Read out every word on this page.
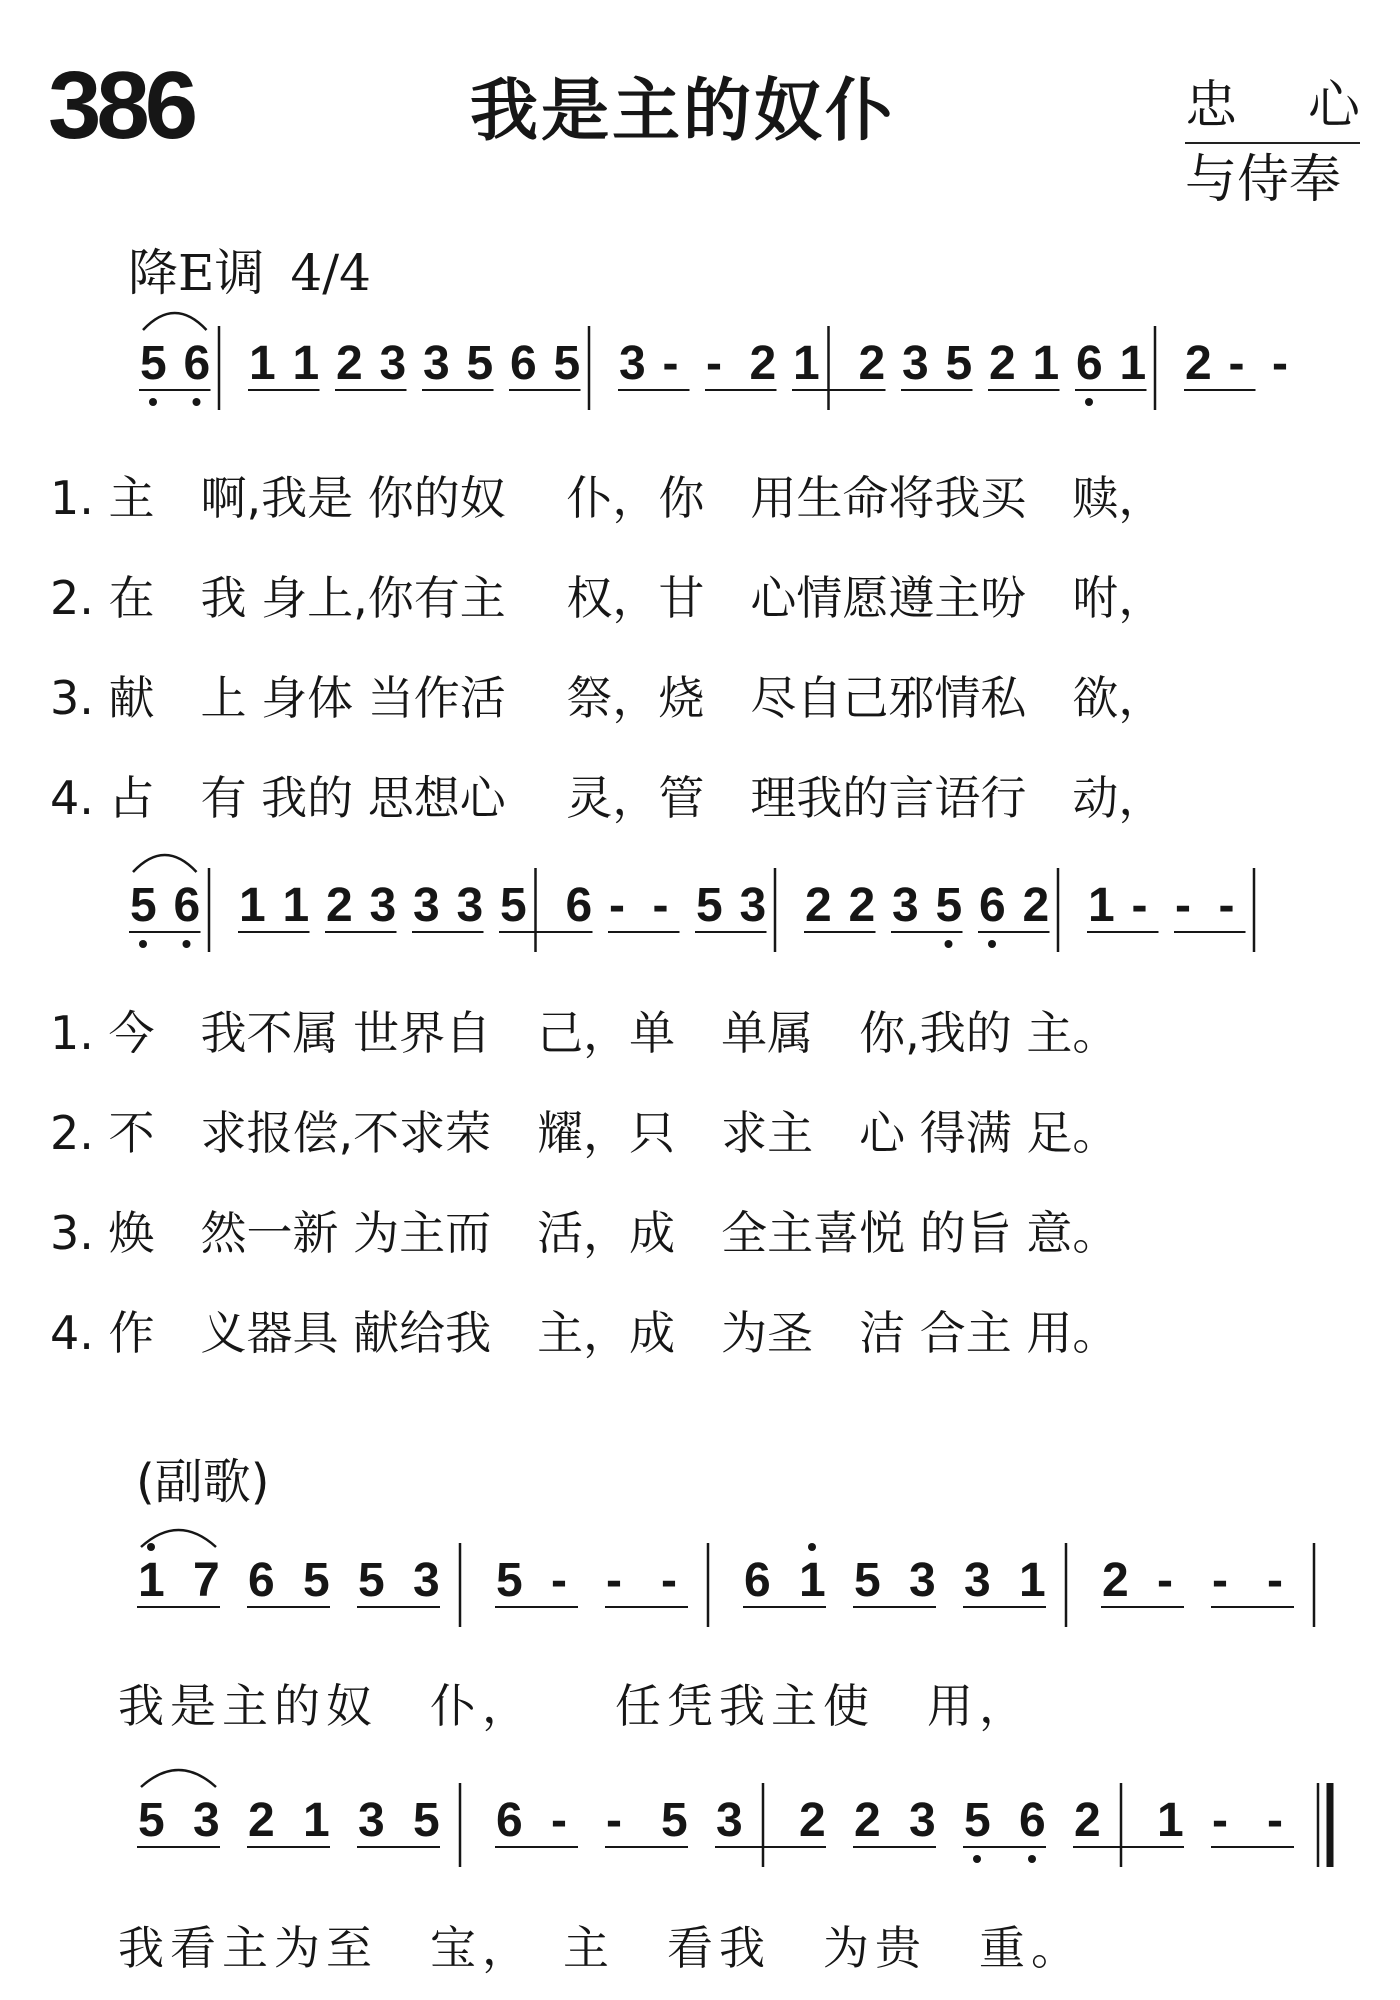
386	我是主的奴仆	忠 心
与侍奉
降E调 4/4
(副歌)
5 6 1 1 2 3 3 5 6 5 3 - - 2 1 2 3 5 2 1 6 1 2 - -
5 6 1 1 2 3 3 3 5 6 - - 5 3 2 2 3 5 6 2 1 - - -
1 7 6 5 5 3 5 - - - 6 1 5 3 3 1 2 - - -
5 3 2 1 3 5 6 - - 5 3 2 2 3 5 6 2 1 - -
1. 主　啊,我是 你的奴　 仆，你　用生命将我买　赎，
2. 在　我 身上,你有主　 权，甘　心情愿遵主吩　咐，
3. 献　上 身体 当作活　 祭，烧　尽自己邪情私　欲，
4. 占　有 我的 思想心　 灵，管　理我的言语行　动，
1. 今　我不属 世界自　己，单　单属　你,我的 主。
2. 不　求报偿,不求荣　耀，只　求主　心 得满 足。
3. 焕　然一新 为主而　活，成　全主喜悦 的旨 意。
4. 作　义器具 献给我　主，成　为圣　洁 合主 用。
我是主的奴　仆，　　任凭我主使　用，
我看主为至　宝，　主　看我　为贵　重。
